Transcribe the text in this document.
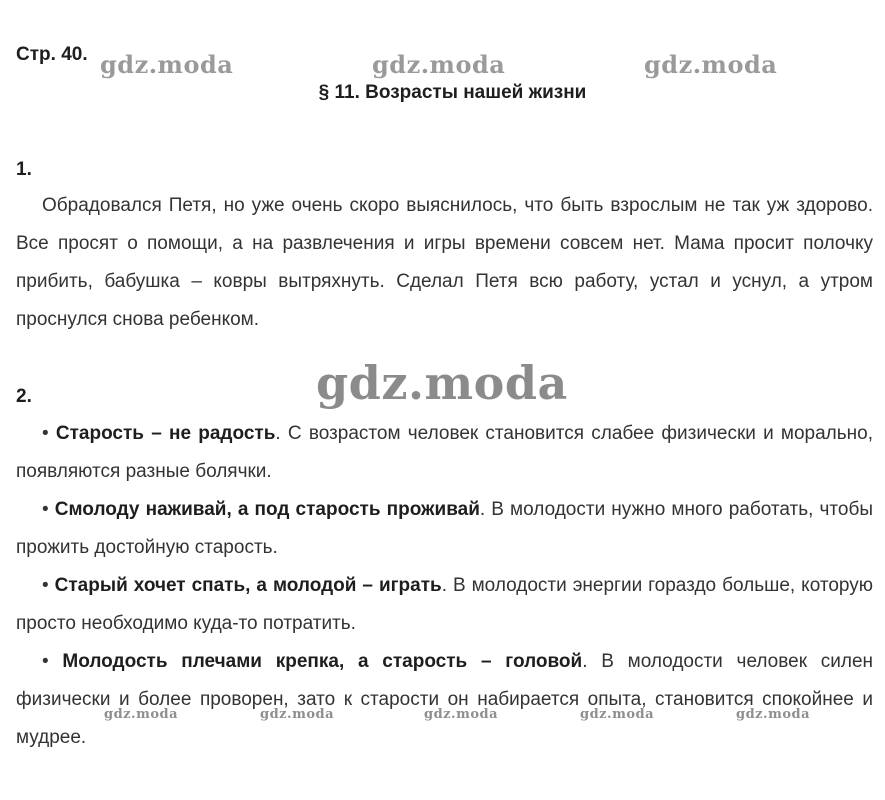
Стр. 40. gdz.moda	gdz.moda	gdz.moda
§ 11. Возрасты нашей жизни
1.

Обрадовался Петя, но уже очень скоро выяснилось, что быть взрослым не так уж здорово. Все просят о помощи, а на развлечения и игры времени совсем нет. Мама просит полочку прибить, бабушка – ковры вытряхнуть. Сделал Петя всю работу, устал и уснул, а утром проснулся снова ребенком.

gdz.moda
2.

• Старость – не радость. С возрастом человек становится слабее физически и морально, появляются разные болячки.

• Смолоду наживай, а под старость проживай. В молодости нужно много работать, чтобы прожить достойную старость.

• Старый хочет спать, а молодой – играть. В молодости энергии гораздо больше, которую просто необходимо куда-то потратить.

• Молодость плечами крепка, а старость – головой. В молодости человек силен физически и более проворен, зато к старости он набирается опыта, становится спокойнее и мудрее.

gdz.moda	gdz.moda	gdz.moda	gdz.moda	gdz.moda
